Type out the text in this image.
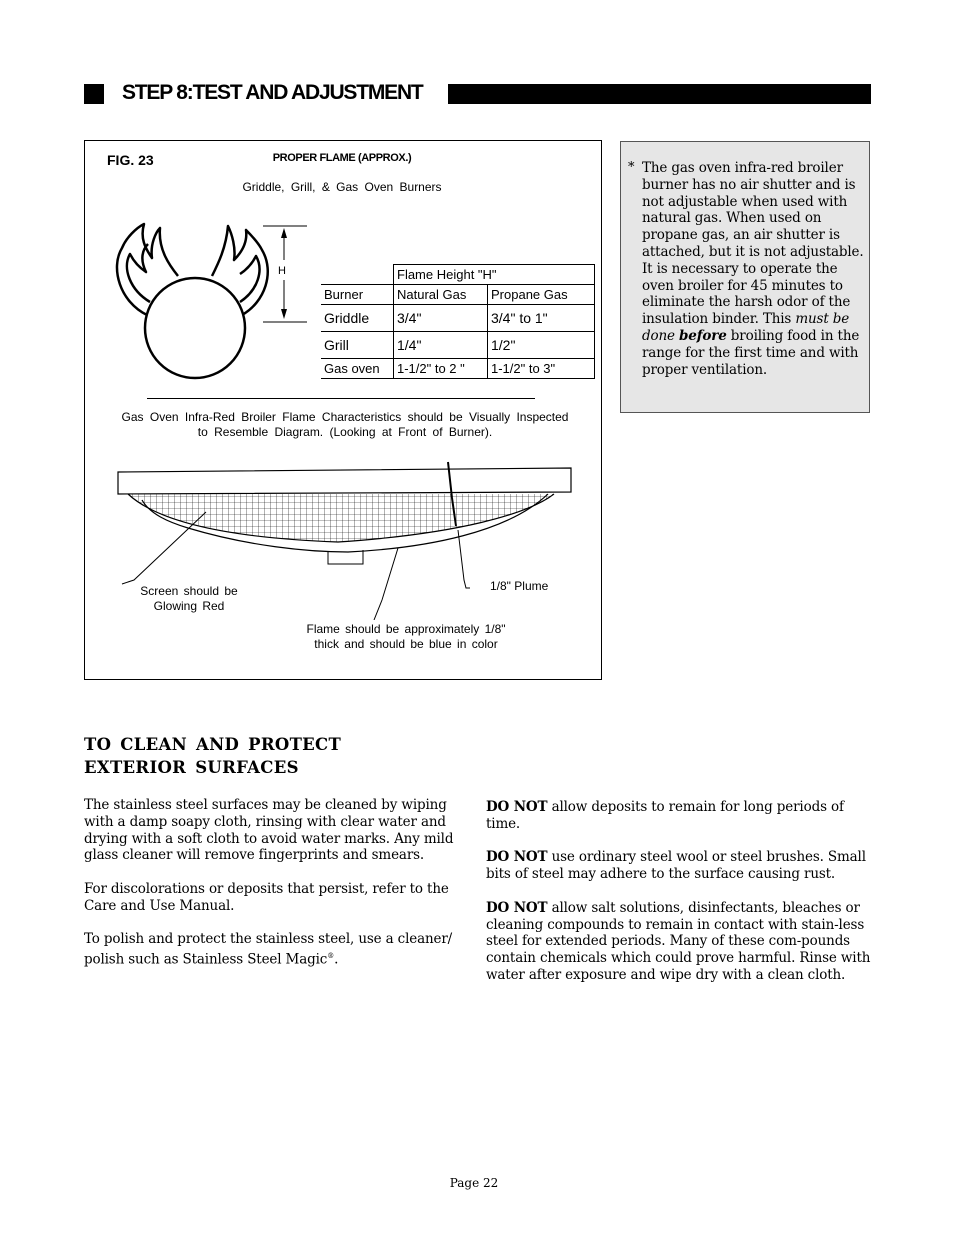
STEP 8:TEST AND ADJUSTMENT
FIG. 23	PROPER FLAME (APPROX.)
Griddle, Grill, & Gas Oven Burners
H
		Flame Height "H"	
Burner	Natural Gas	Propane Gas
Griddle	3/4"	3/4" to 1"
Grill	1/4"	1/2"
Gas oven	1-1/2" to 2 "	1-1/2" to 3"
Gas Oven Infra-Red Broiler Flame Characteristics should be Visually Inspected
to Resemble Diagram. (Looking at Front of Burner).
Screen should be
Glowing Red
1/8" Plume
Flame should be approximately 1/8"
thick and should be blue in color
* The gas oven infra-red broiler burner has no air shutter and is not adjustable when used with natural gas. When used on propane gas, an air shutter is attached, but it is not adjustable. It is necessary to operate the oven broiler for 45 minutes to eliminate the harsh odor of the insulation binder. This must be done before broiling food in the range for the first time and with proper ventilation.
TO CLEAN AND PROTECT
EXTERIOR SURFACES

The stainless steel surfaces may be cleaned by wiping with a damp soapy cloth, rinsing with clear water and drying with a soft cloth to avoid water marks. Any mild glass cleaner will remove fingerprints and smears.

For discolorations or deposits that persist, refer to the Care and Use Manual.

To polish and protect the stainless steel, use a cleaner/ polish such as Stainless Steel Magic®.

DO NOT allow deposits to remain for long periods of time.

DO NOT use ordinary steel wool or steel brushes. Small bits of steel may adhere to the surface causing rust.

DO NOT allow salt solutions, disinfectants, bleaches or cleaning compounds to remain in contact with stain-less steel for extended periods. Many of these com-pounds contain chemicals which could prove harmful. Rinse with water after exposure and wipe dry with a clean cloth.

Page 22
